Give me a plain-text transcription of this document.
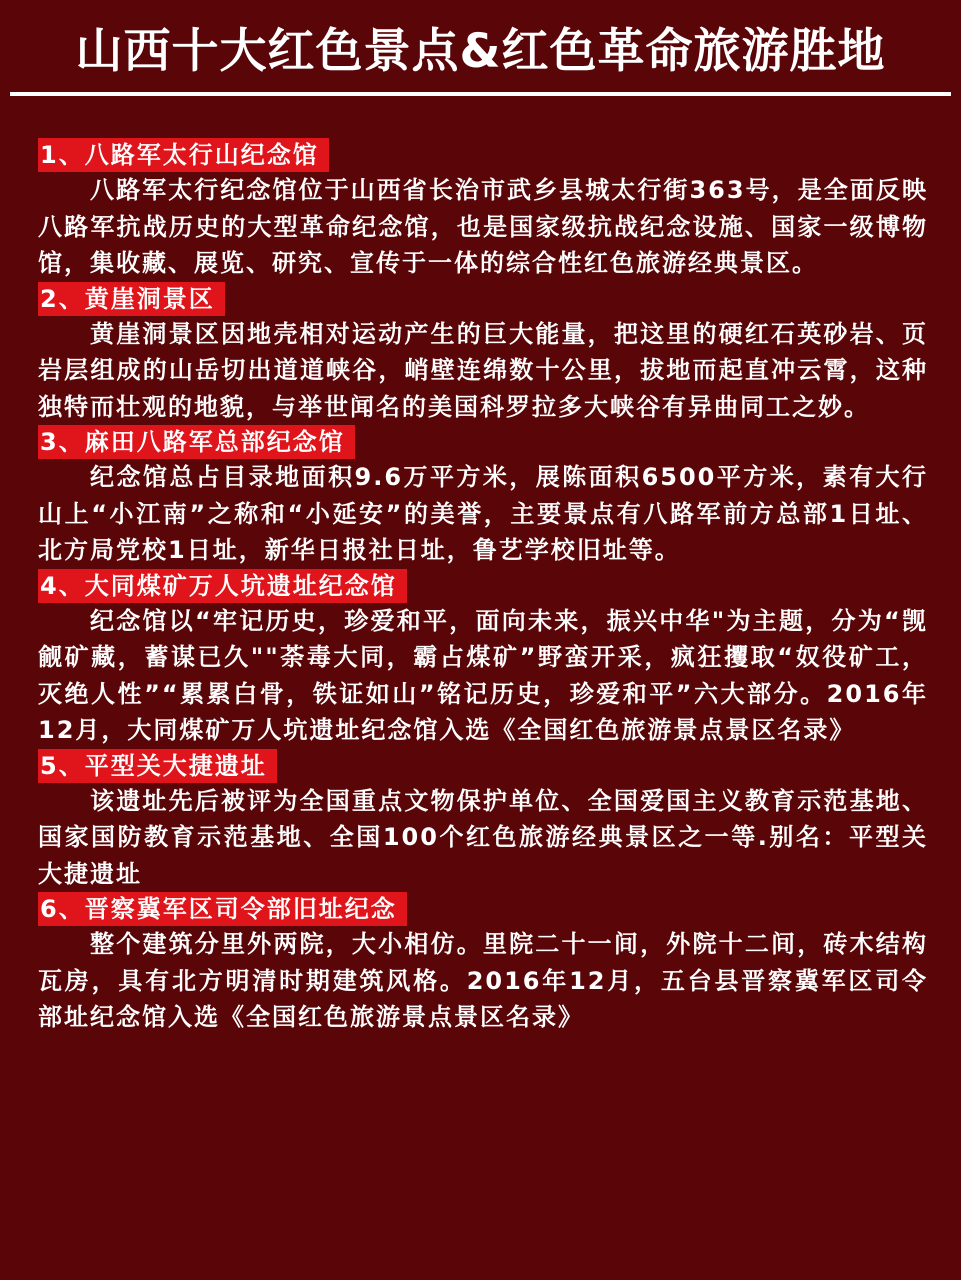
山西十大红色景点&红色革命旅游胜地
1、八路军太行山纪念馆

八路军太行纪念馆位于山西省长治市武乡县城太行街363号，是全面反映八路军抗战历史的大型革命纪念馆，也是国家级抗战纪念设施、国家一级博物馆，集收藏、展览、研究、宣传于一体的综合性红色旅游经典景区。

2、黄崖洞景区

黄崖洞景区因地壳相对运动产生的巨大能量，把这里的硬红石英砂岩、页岩层组成的山岳切出道道峡谷，峭壁连绵数十公里，拔地而起直冲云霄，这种独特而壮观的地貌，与举世闻名的美国科罗拉多大峡谷有异曲同工之妙。

3、麻田八路军总部纪念馆

纪念馆总占目录地面积9.6万平方米，展陈面积6500平方米，素有大行山上“小江南”之称和“小延安”的美誉，主要景点有八路军前方总部1日址、北方局党校1日址，新华日报社日址，鲁艺学校旧址等。

4、大同煤矿万人坑遗址纪念馆

纪念馆以“牢记历史，珍爱和平，面向未来，振兴中华"为主题，分为“觊觎矿藏，蓄谋已久""荼毒大同，霸占煤矿”野蛮开采，疯狂攫取“奴役矿工，灭绝人性”“累累白骨，铁证如山”铭记历史，珍爱和平”六大部分。2016年12月，大同煤矿万人坑遗址纪念馆入选《全国红色旅游景点景区名录》

5、平型关大捷遗址

该遗址先后被评为全国重点文物保护单位、全国爱国主义教育示范基地、国家国防教育示范基地、全国100个红色旅游经典景区之一等.别名：平型关大捷遗址

6、晋察冀军区司令部旧址纪念

整个建筑分里外两院，大小相仿。里院二十一间，外院十二间，砖木结构瓦房，具有北方明清时期建筑风格。2016年12月，五台县晋察冀军区司令部址纪念馆入选《全国红色旅游景点景区名录》
